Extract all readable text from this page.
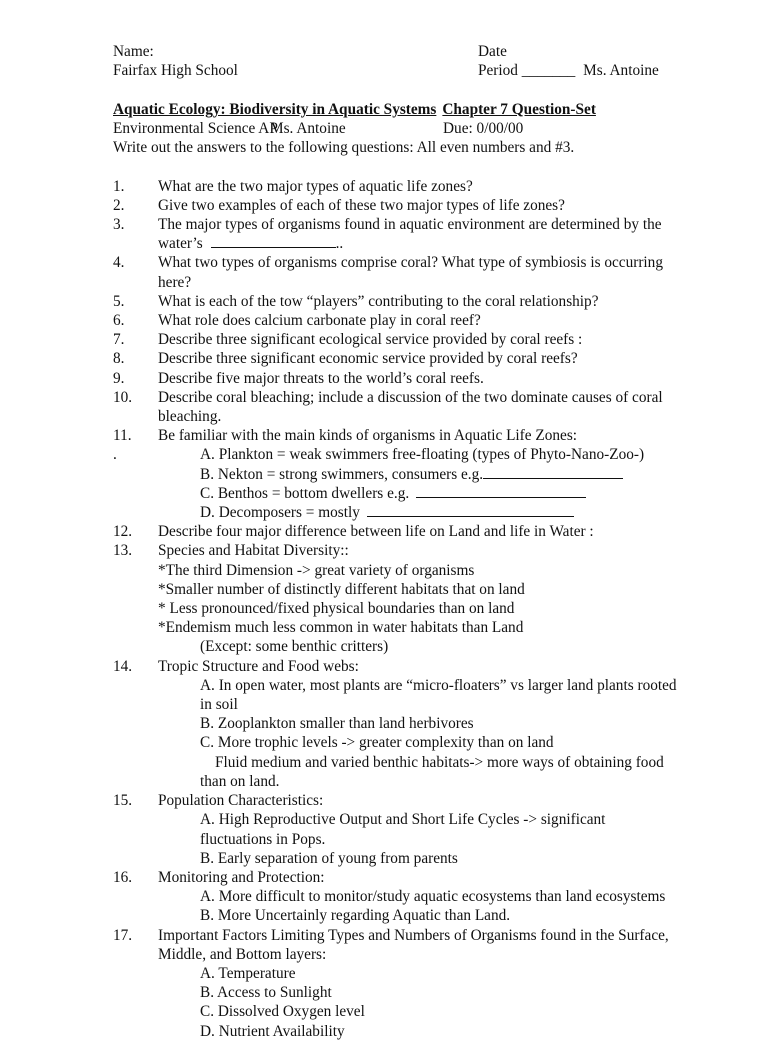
Name:
Fairfax High School
Date
Period _______ Ms. Antoine
Aquatic Ecology: Biodiversity in Aquatic Systems Chapter 7 Question-Set
Environmental Science AP
Ms. Antoine	Due: 0/00/00
Write out the answers to the following questions: All even numbers and #3.
1.	What are the two major types of aquatic life zones?
2.	Give two examples of each of these two major types of life zones?
3.	The major types of organisms found in aquatic environment are determined by the
water’s	..
4.	What two types of organisms comprise coral? What type of symbiosis is occurring
here?
5.	What is each of the tow “players” contributing to the coral relationship?
6.	What role does calcium carbonate play in coral reef?
7.	Describe three significant ecological service provided by coral reefs :
8.	Describe three significant economic service provided by coral reefs?
9.	Describe five major threats to the world’s coral reefs.
10.	Describe coral bleaching; include a discussion of the two dominate causes of coral
bleaching.
11.	Be familiar with the main kinds of organisms in Aquatic Life Zones:
.	A. Plankton = weak swimmers free-floating (types of Phyto-Nano-Zoo-)
B. Nekton = strong swimmers, consumers e.g.
C. Benthos = bottom dwellers e.g.
D. Decomposers = mostly
12.	Describe four major difference between life on Land and life in Water :
13.	Species and Habitat Diversity::
*The third Dimension -> great variety of organisms
*Smaller number of distinctly different habitats that on land
* Less pronounced/fixed physical boundaries than on land
*Endemism much less common in water habitats than Land
(Except: some benthic critters)
14.	Tropic Structure and Food webs:
A. In open water, most plants are “micro-floaters” vs larger land plants rooted
in soil
B. Zooplankton smaller than land herbivores
C. More trophic levels -> greater complexity than on land
Fluid medium and varied benthic habitats-> more ways of obtaining food
than on land.
15.	Population Characteristics:
A. High Reproductive Output and Short Life Cycles -> significant
fluctuations in Pops.
B. Early separation of young from parents
16.	Monitoring and Protection:
A. More difficult to monitor/study aquatic ecosystems than land ecosystems
B. More Uncertainly regarding Aquatic than Land.
17.	Important Factors Limiting Types and Numbers of Organisms found in the Surface,
Middle, and Bottom layers:
A. Temperature
B. Access to Sunlight
C. Dissolved Oxygen level
D. Nutrient Availability
